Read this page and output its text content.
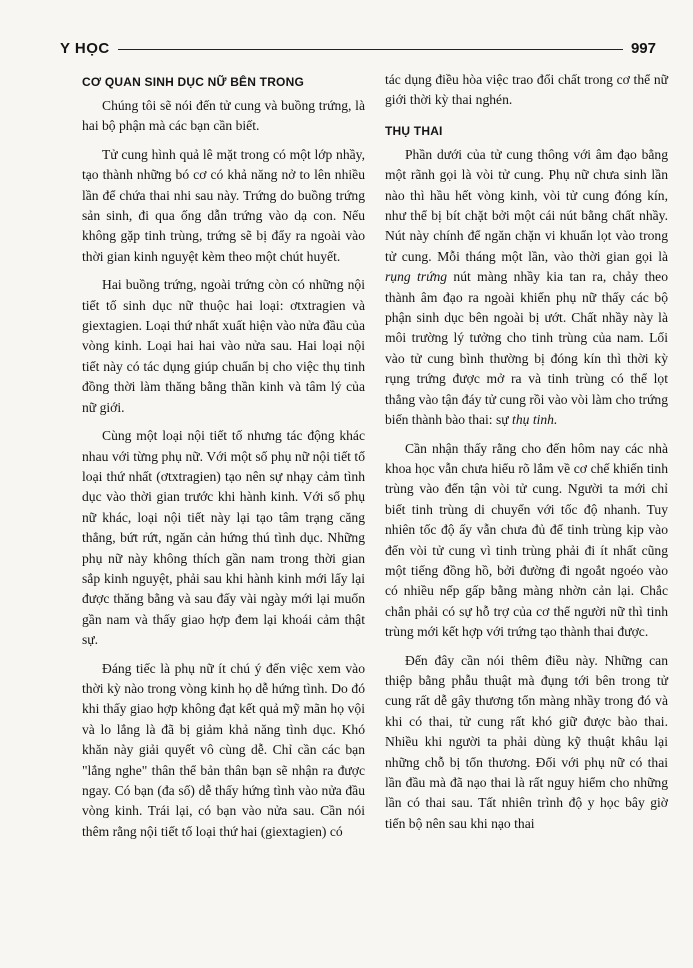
Y HỌC	997
CƠ QUAN SINH DỤC NỮ BÊN TRONG

Chúng tôi sẽ nói đến tử cung và buồng trứng, là hai bộ phận mà các bạn cần biết.

Tử cung hình quả lê mặt trong có một lớp nhầy, tạo thành những bó cơ có khả năng nở to lên nhiều lần để chứa thai nhi sau này. Trứng do buồng trứng sản sinh, đi qua ống dẫn trứng vào dạ con. Nếu không gặp tinh trùng, trứng sẽ bị đẩy ra ngoài vào thời gian kinh nguyệt kèm theo một chút huyết.

Hai buồng trứng, ngoài trứng còn có những nội tiết tố sinh dục nữ thuộc hai loại: ơtxtragien và giextagien. Loại thứ nhất xuất hiện vào nửa đầu của vòng kinh. Loại hai hai vào nửa sau. Hai loại nội tiết này có tác dụng giúp chuẩn bị cho việc thụ tinh đồng thời làm thăng bằng thần kinh và tâm lý của nữ giới.

Cùng một loại nội tiết tố nhưng tác động khác nhau với từng phụ nữ. Với một số phụ nữ nội tiết tố loại thứ nhất (ơtxtragien) tạo nên sự nhạy cảm tình dục vào thời gian trước khi hành kinh. Với số phụ nữ khác, loại nội tiết này lại tạo tâm trạng căng thẳng, bứt rứt, ngăn cản hứng thú tình dục. Những phụ nữ này không thích gần nam trong thời gian sắp kinh nguyệt, phải sau khi hành kinh mới lấy lại được thăng bằng và sau đấy vài ngày mới lại muốn gần nam và thấy giao hợp đem lại khoái cảm thật sự.

Đáng tiếc là phụ nữ ít chú ý đến việc xem vào thời kỳ nào trong vòng kinh họ dễ hứng tình. Do đó khi thấy giao hợp không đạt kết quả mỹ mãn họ vội và lo lắng là đã bị giảm khả năng tình dục. Khó khăn này giải quyết vô cùng dễ. Chỉ cần các bạn "lắng nghe" thân thể bản thân bạn sẽ nhận ra được ngay. Có bạn (đa số) dễ thấy hứng tình vào nửa đầu vòng kinh. Trái lại, có bạn vào nửa sau. Cần nói thêm rằng nội tiết tố loại thứ hai (giextagien) có

tác dụng điều hòa việc trao đổi chất trong cơ thể nữ giới thời kỳ thai nghén.

THỤ THAI

Phần dưới của tử cung thông với âm đạo bằng một rãnh gọi là vòi tử cung. Phụ nữ chưa sinh lần nào thì hầu hết vòng kinh, vòi tử cung đóng kín, như thể bị bít chặt bởi một cái nút bằng chất nhầy. Nút này chính để ngăn chặn vi khuẩn lọt vào trong tử cung. Mỗi tháng một lần, vào thời gian gọi là rụng trứng nút màng nhầy kia tan ra, chảy theo thành âm đạo ra ngoài khiến phụ nữ thấy các bộ phận sinh dục bên ngoài bị ướt. Chất nhầy này là môi trường lý tưởng cho tinh trùng của nam. Lối vào tử cung bình thường bị đóng kín thì thời kỳ rụng trứng được mở ra và tinh trùng có thể lọt thẳng vào tận đáy tử cung rồi vào vòi làm cho trứng biến thành bào thai: sự thụ tinh.

Cần nhận thấy rằng cho đến hôm nay các nhà khoa học vẫn chưa hiểu rõ lắm về cơ chế khiến tinh trùng vào đến tận vòi tử cung. Người ta mới chỉ biết tinh trùng di chuyển với tốc độ nhanh. Tuy nhiên tốc độ ấy vẫn chưa đủ để tinh trùng kịp vào đến vòi tử cung vì tinh trùng phải đi ít nhất cũng một tiếng đồng hồ, bởi đường đi ngoắt ngoéo vào có nhiều nếp gấp bằng màng nhờn cản lại. Chắc chắn phải có sự hỗ trợ của cơ thể người nữ thì tinh trùng mới kết hợp với trứng tạo thành thai được.

Đến đây cần nói thêm điều này. Những can thiệp bằng phẫu thuật mà đụng tới bên trong tử cung rất dễ gây thương tổn màng nhầy trong đó và khi có thai, tử cung rất khó giữ được bào thai. Nhiều khi người ta phải dùng kỹ thuật khâu lại những chỗ bị tổn thương. Đối với phụ nữ có thai lần đầu mà đã nạo thai là rất nguy hiểm cho những lần có thai sau. Tất nhiên trình độ y học bây giờ tiến bộ nên sau khi nạo thai
